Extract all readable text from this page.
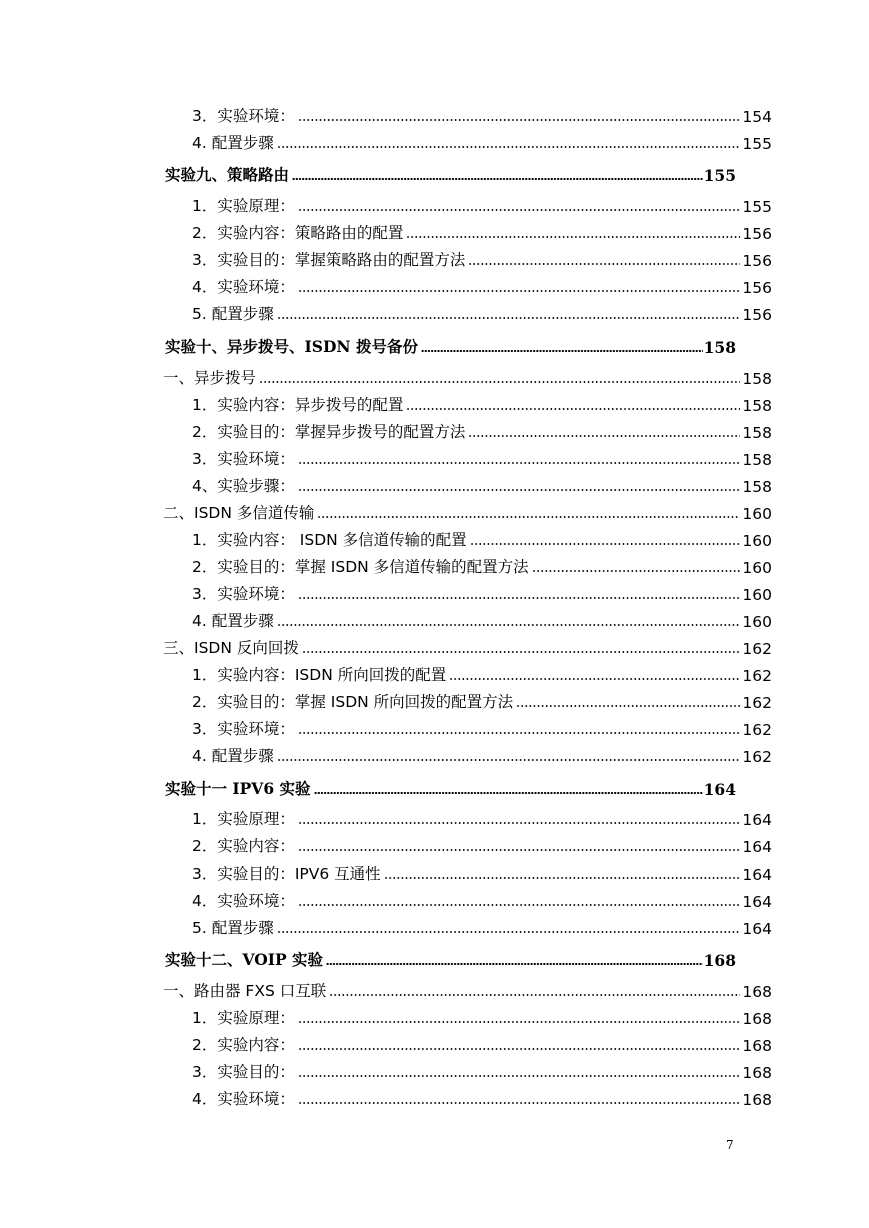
3．实验环境：	154
4. 配置步骤	155
实验九、策略路由	155
1．实验原理：	155
2．实验内容：策略路由的配置	156
3．实验目的：掌握策略路由的配置方法	156
4．实验环境：	156
5. 配置步骤	156
实验十、异步拨号、ISDN 拨号备份	158
一、异步拨号	158
1．实验内容：异步拨号的配置	158
2．实验目的：掌握异步拨号的配置方法	158
3．实验环境：	158
4、实验步骤：	158
二、ISDN 多信道传输	160
1．实验内容： ISDN 多信道传输的配置	160
2．实验目的：掌握 ISDN 多信道传输的配置方法	160
3．实验环境：	160
4. 配置步骤	160
三、ISDN 反向回拨	162
1．实验内容：ISDN 所向回拨的配置	162
2．实验目的：掌握 ISDN 所向回拨的配置方法	162
3．实验环境：	162
4. 配置步骤	162
实验十一 IPV6 实验	164
1．实验原理：	164
2．实验内容：	164
3．实验目的：IPV6 互通性	164
4．实验环境：	164
5. 配置步骤	164
实验十二、VOIP 实验	168
一、路由器 FXS 口互联	168
1．实验原理：	168
2．实验内容：	168
3．实验目的：	168
4．实验环境：	168
7
